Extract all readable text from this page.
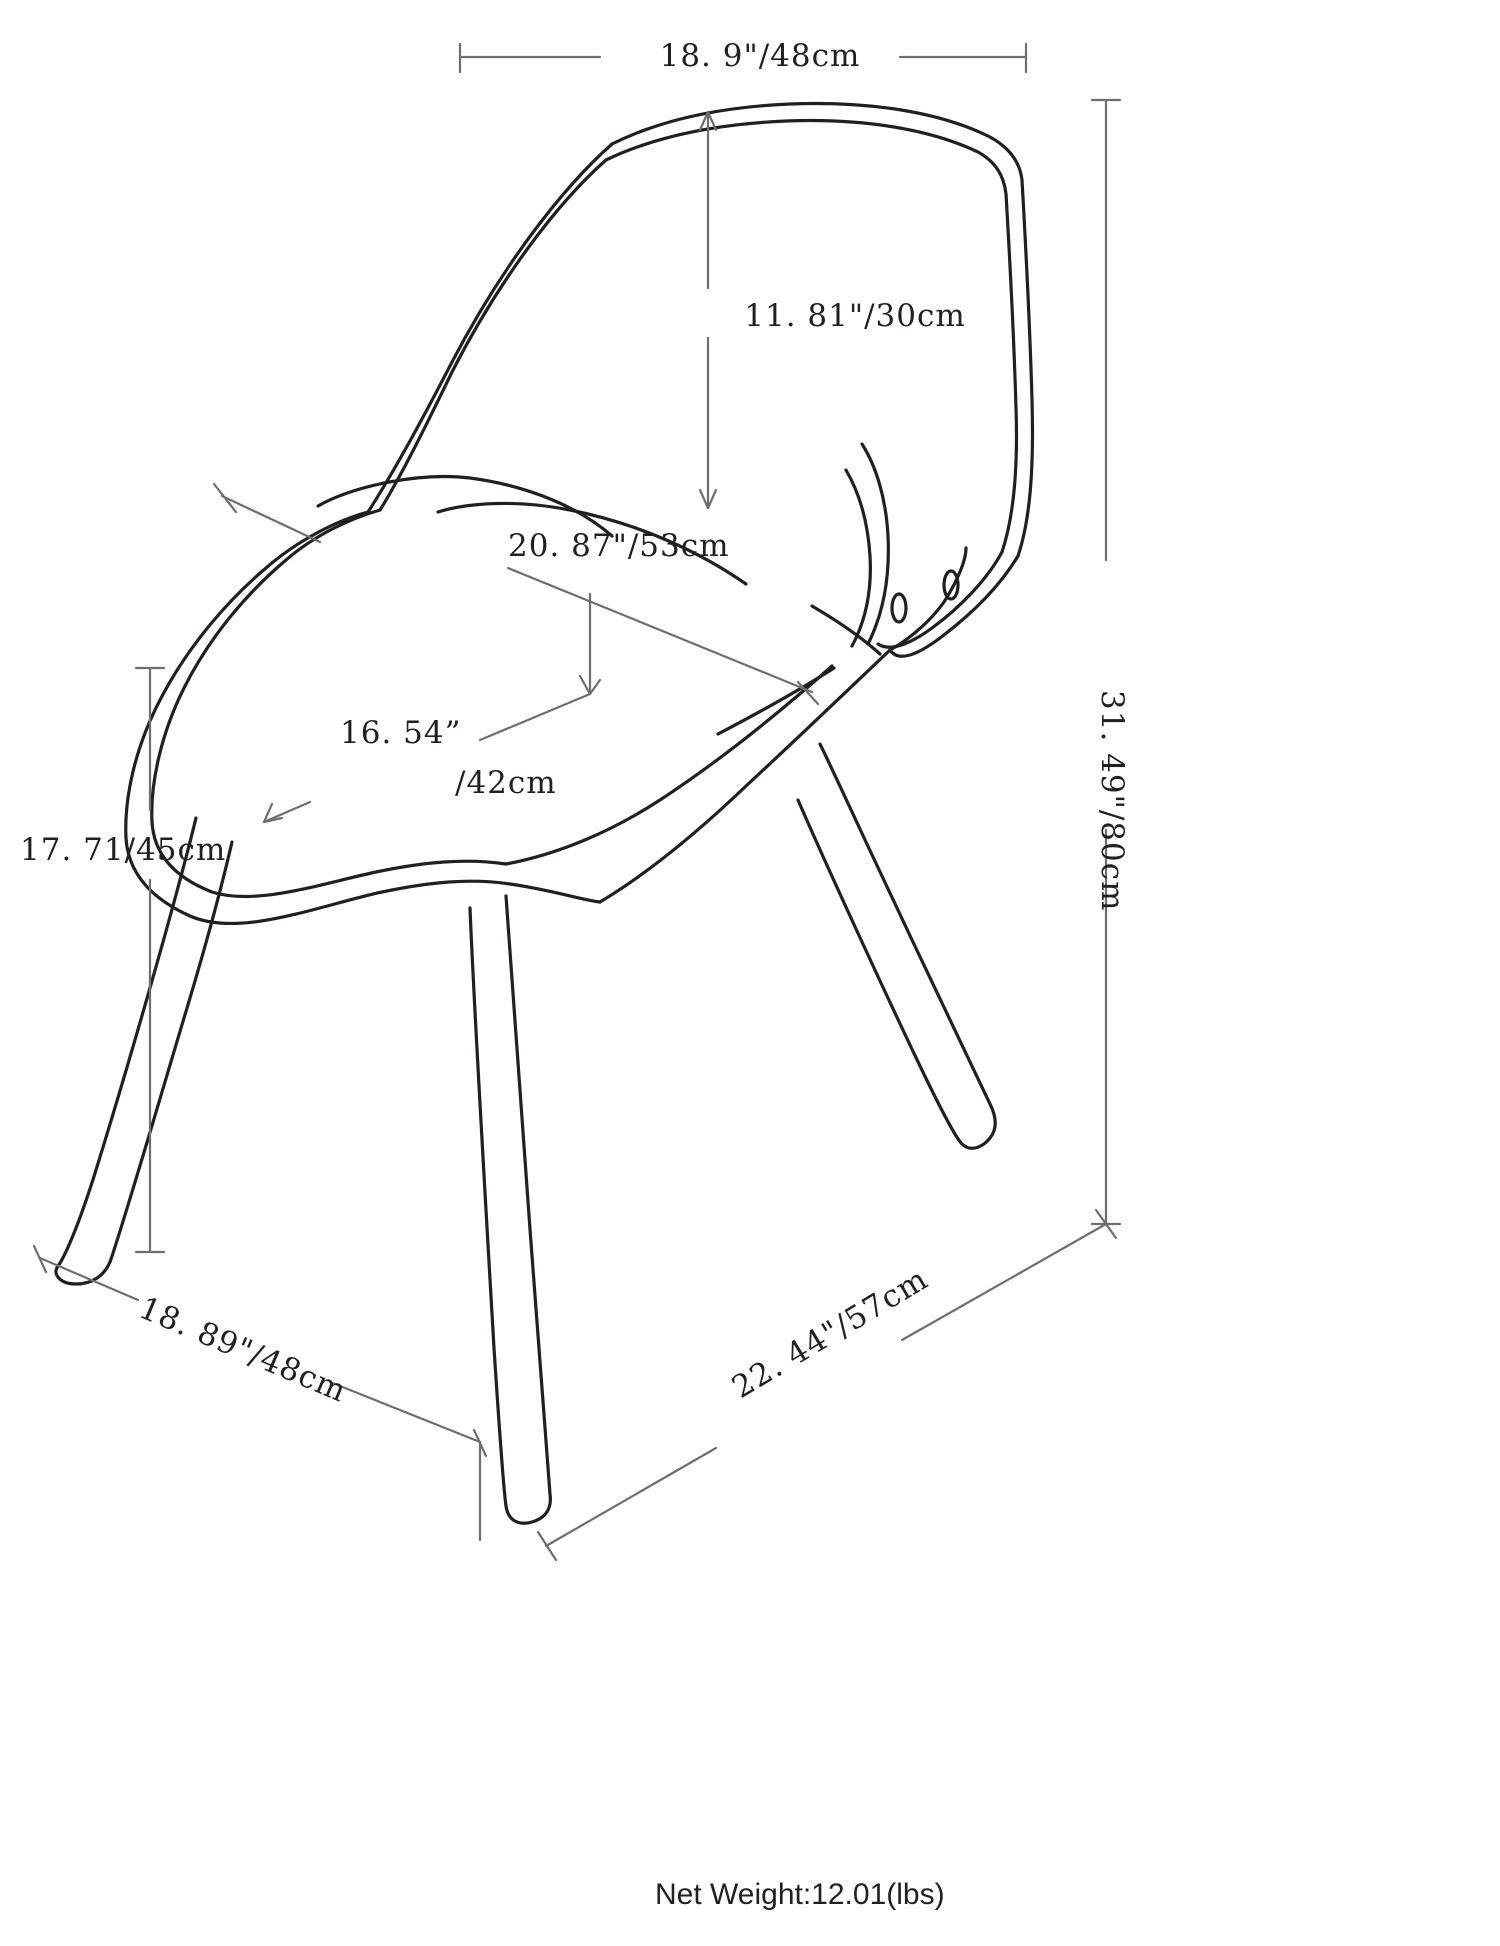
18. 9"/48cm
11. 81"/30cm
20. 87"/53cm
16. 54”
/42cm
17. 71/45cm
18. 89"/48cm	22. 44"/57cm
31. 49"/80cm
Net Weight:12.01(lbs)
